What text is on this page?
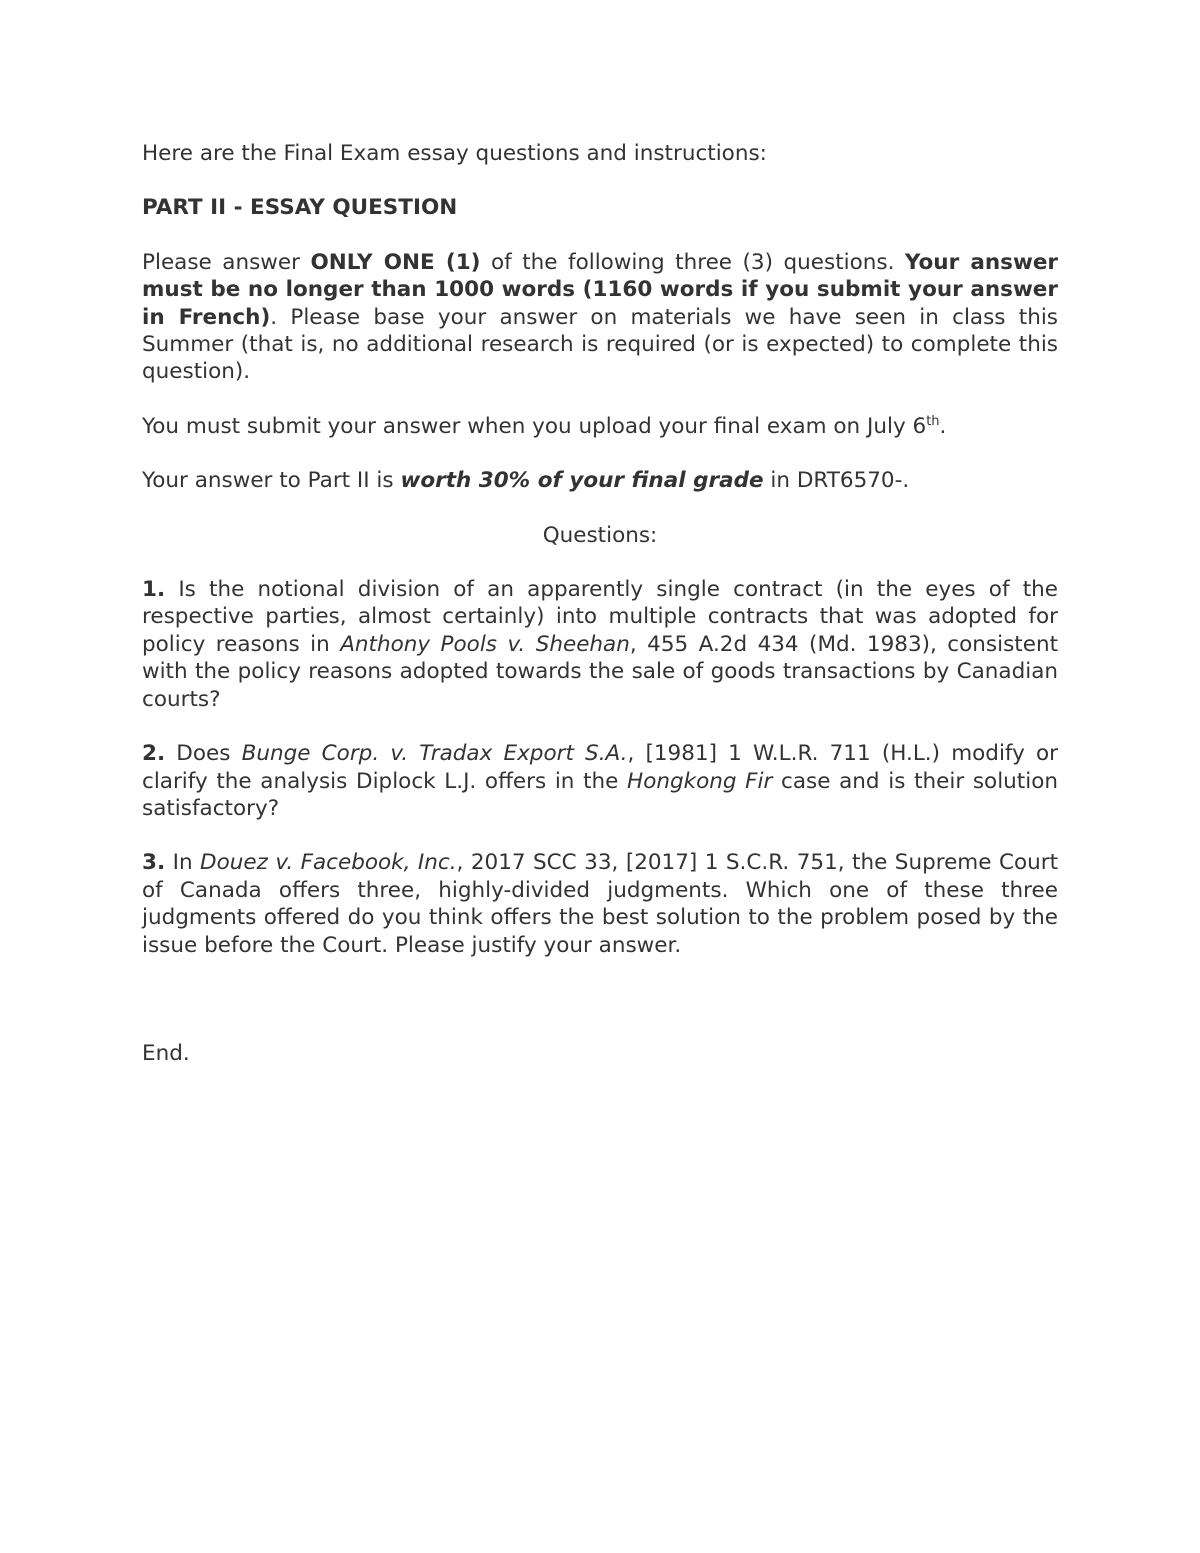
Here are the Final Exam essay questions and instructions:

PART II - ESSAY QUESTION

Please answer ONLY ONE (1) of the following three (3) questions. Your answer must be no longer than 1000 words (1160 words if you submit your answer in French). Please base your answer on materials we have seen in class this Summer (that is, no additional research is required (or is expected) to complete this question).

You must submit your answer when you upload your final exam on July 6th.

Your answer to Part II is worth 30% of your final grade in DRT6570-.

Questions:

1. Is the notional division of an apparently single contract (in the eyes of the respective parties, almost certainly) into multiple contracts that was adopted for policy reasons in Anthony Pools v. Sheehan, 455 A.2d 434 (Md. 1983), consistent with the policy reasons adopted towards the sale of goods transactions by Canadian courts?

2. Does Bunge Corp. v. Tradax Export S.A., [1981] 1 W.L.R. 711 (H.L.) modify or clarify the analysis Diplock L.J. offers in the Hongkong Fir case and is their solution satisfactory?

3. In Douez v. Facebook, Inc., 2017 SCC 33, [2017] 1 S.C.R. 751, the Supreme Court of Canada offers three, highly-divided judgments. Which one of these three judgments offered do you think offers the best solution to the problem posed by the issue before the Court. Please justify your answer.

End.
